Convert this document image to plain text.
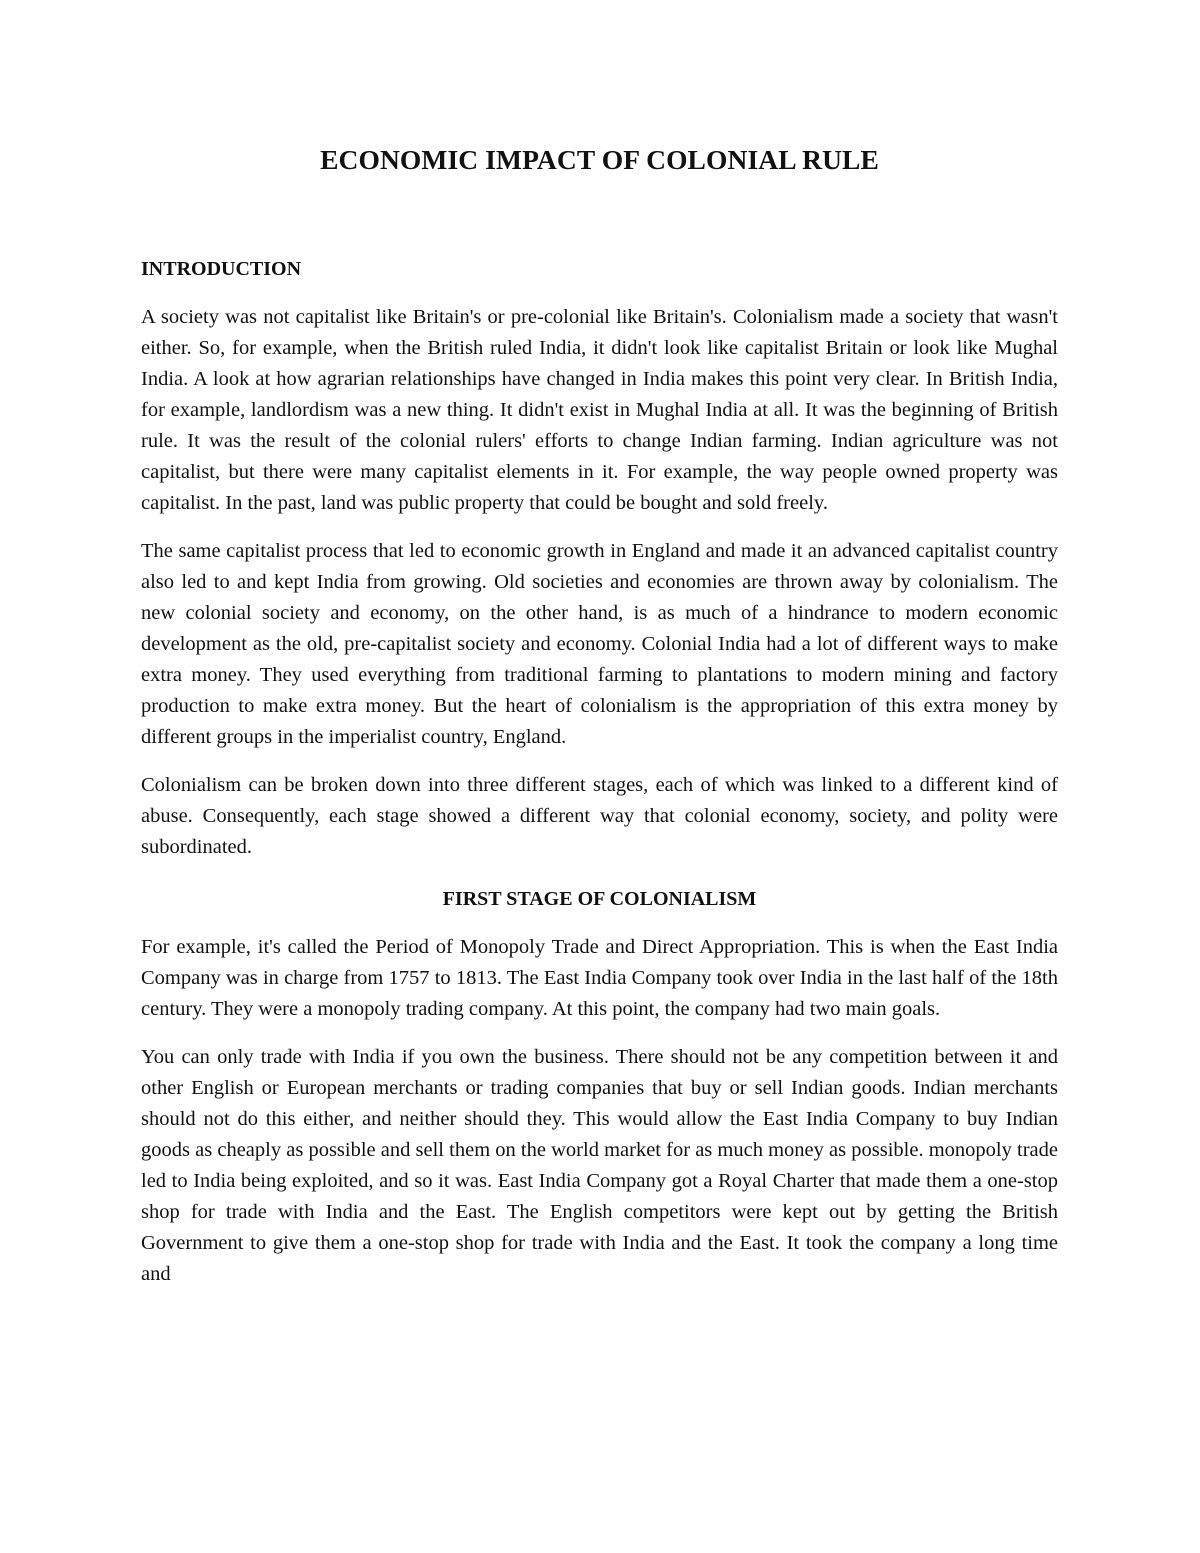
ECONOMIC IMPACT OF COLONIAL RULE
INTRODUCTION

A society was not capitalist like Britain's or pre-colonial like Britain's. Colonialism made a society that wasn't either. So, for example, when the British ruled India, it didn't look like capitalist Britain or look like Mughal India. A look at how agrarian relationships have changed in India makes this point very clear. In British India, for example, landlordism was a new thing. It didn't exist in Mughal India at all. It was the beginning of British rule. It was the result of the colonial rulers' efforts to change Indian farming. Indian agriculture was not capitalist, but there were many capitalist elements in it. For example, the way people owned property was capitalist. In the past, land was public property that could be bought and sold freely.

The same capitalist process that led to economic growth in England and made it an advanced capitalist country also led to and kept India from growing. Old societies and economies are thrown away by colonialism. The new colonial society and economy, on the other hand, is as much of a hindrance to modern economic development as the old, pre-capitalist society and economy. Colonial India had a lot of different ways to make extra money. They used everything from traditional farming to plantations to modern mining and factory production to make extra money. But the heart of colonialism is the appropriation of this extra money by different groups in the imperialist country, England.

Colonialism can be broken down into three different stages, each of which was linked to a different kind of abuse. Consequently, each stage showed a different way that colonial economy, society, and polity were subordinated.

FIRST STAGE OF COLONIALISM

For example, it's called the Period of Monopoly Trade and Direct Appropriation. This is when the East India Company was in charge from 1757 to 1813. The East India Company took over India in the last half of the 18th century. They were a monopoly trading company. At this point, the company had two main goals.

You can only trade with India if you own the business. There should not be any competition between it and other English or European merchants or trading companies that buy or sell Indian goods. Indian merchants should not do this either, and neither should they. This would allow the East India Company to buy Indian goods as cheaply as possible and sell them on the world market for as much money as possible. monopoly trade led to India being exploited, and so it was. East India Company got a Royal Charter that made them a one-stop shop for trade with India and the East. The English competitors were kept out by getting the British Government to give them a one-stop shop for trade with India and the East. It took the company a long time and
